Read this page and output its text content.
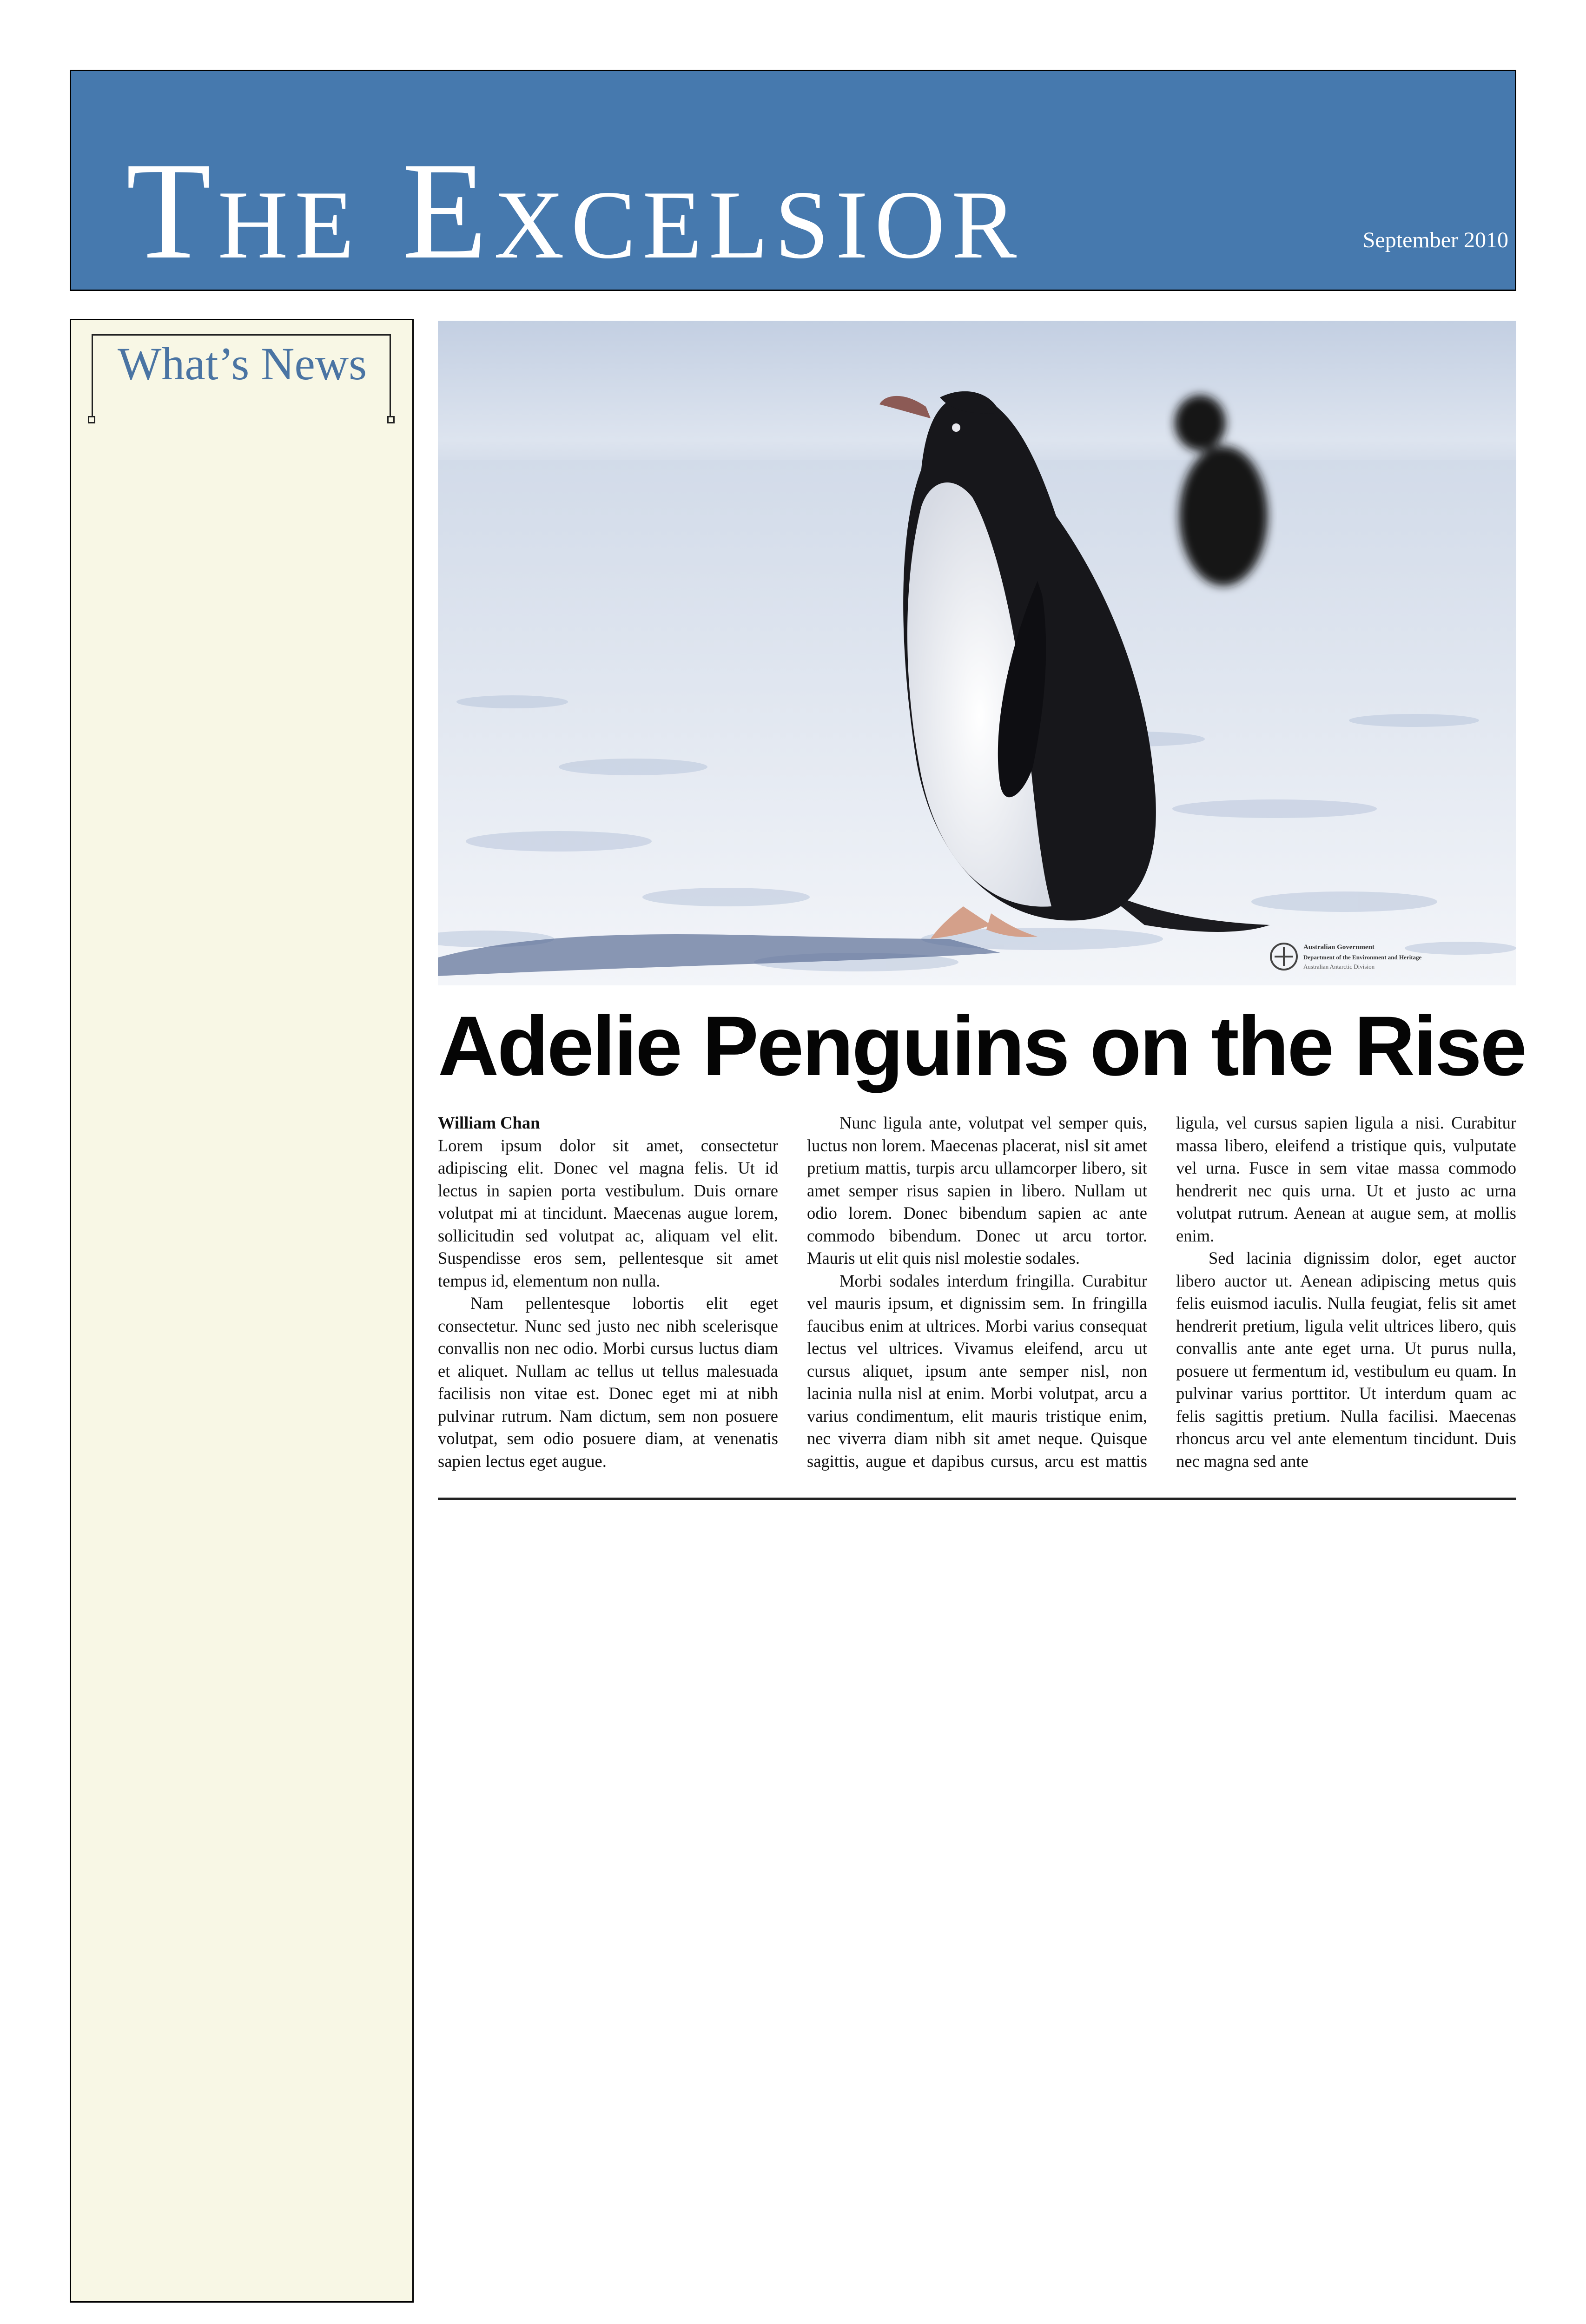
The Excelsior	September 2010
What’s News
Australian Government
Department of the Environment and Heritage
Australian Antarctic Division
Adelie Penguins on the Rise

William Chan
Lorem ipsum dolor sit amet, consectetur adipiscing elit. Donec vel magna felis. Ut id lectus in sapien porta vestibulum. Duis ornare volutpat mi at tincidunt. Maecenas augue lorem, sollicitudin sed volutpat ac, aliquam vel elit. Suspendisse eros sem, pellentesque sit amet tempus id, elementum non nulla.

Nam pellentesque lobortis elit eget consectetur. Nunc sed justo nec nibh scelerisque convallis non nec odio. Morbi cursus luctus diam et aliquet. Nullam ac tellus ut tellus malesuada facilisis non vitae est. Donec eget mi at nibh pulvinar rutrum. Nam dictum, sem non posuere volutpat, sem odio posuere diam, at venenatis sapien lectus eget augue.

Nunc ligula ante, volutpat vel semper quis, luctus non lorem. Maecenas placerat, nisl sit amet pretium mattis, turpis arcu ullamcorper libero, sit amet semper risus sapien in libero. Nullam ut odio lorem. Donec bibendum sapien ac ante commodo bibendum. Donec ut arcu tortor. Mauris ut elit quis nisl molestie sodales.

Morbi sodales interdum fringilla. Curabitur vel mauris ipsum, et dignissim sem. In fringilla faucibus enim at ultrices. Morbi varius consequat lectus vel ultrices. Vivamus eleifend, arcu ut cursus aliquet, ipsum ante semper nisl, non lacinia nulla nisl at enim. Morbi volutpat, arcu a varius condimentum, elit mauris tristique enim, nec viverra diam nibh sit amet neque. Quisque sagittis, augue et dapibus cursus, arcu est mattis ligula, vel cursus sapien ligula a nisi. Curabitur massa libero, eleifend a tristique quis, vulputate vel urna. Fusce in sem vitae massa commodo hendrerit nec quis urna. Ut et justo ac urna volutpat rutrum. Aenean at augue sem, at mollis enim.

Sed lacinia dignissim dolor, eget auctor libero auctor ut. Aenean adipiscing metus quis felis euismod iaculis. Nulla feugiat, felis sit amet hendrerit pretium, ligula velit ultrices libero, quis convallis ante ante eget urna. Ut purus nulla, posuere ut fermentum id, vestibulum eu quam. In pulvinar varius porttitor. Ut interdum quam ac felis sagittis pretium. Nulla facilisi. Maecenas rhoncus arcu vel ante elementum tincidunt. Duis nec magna sed ante
